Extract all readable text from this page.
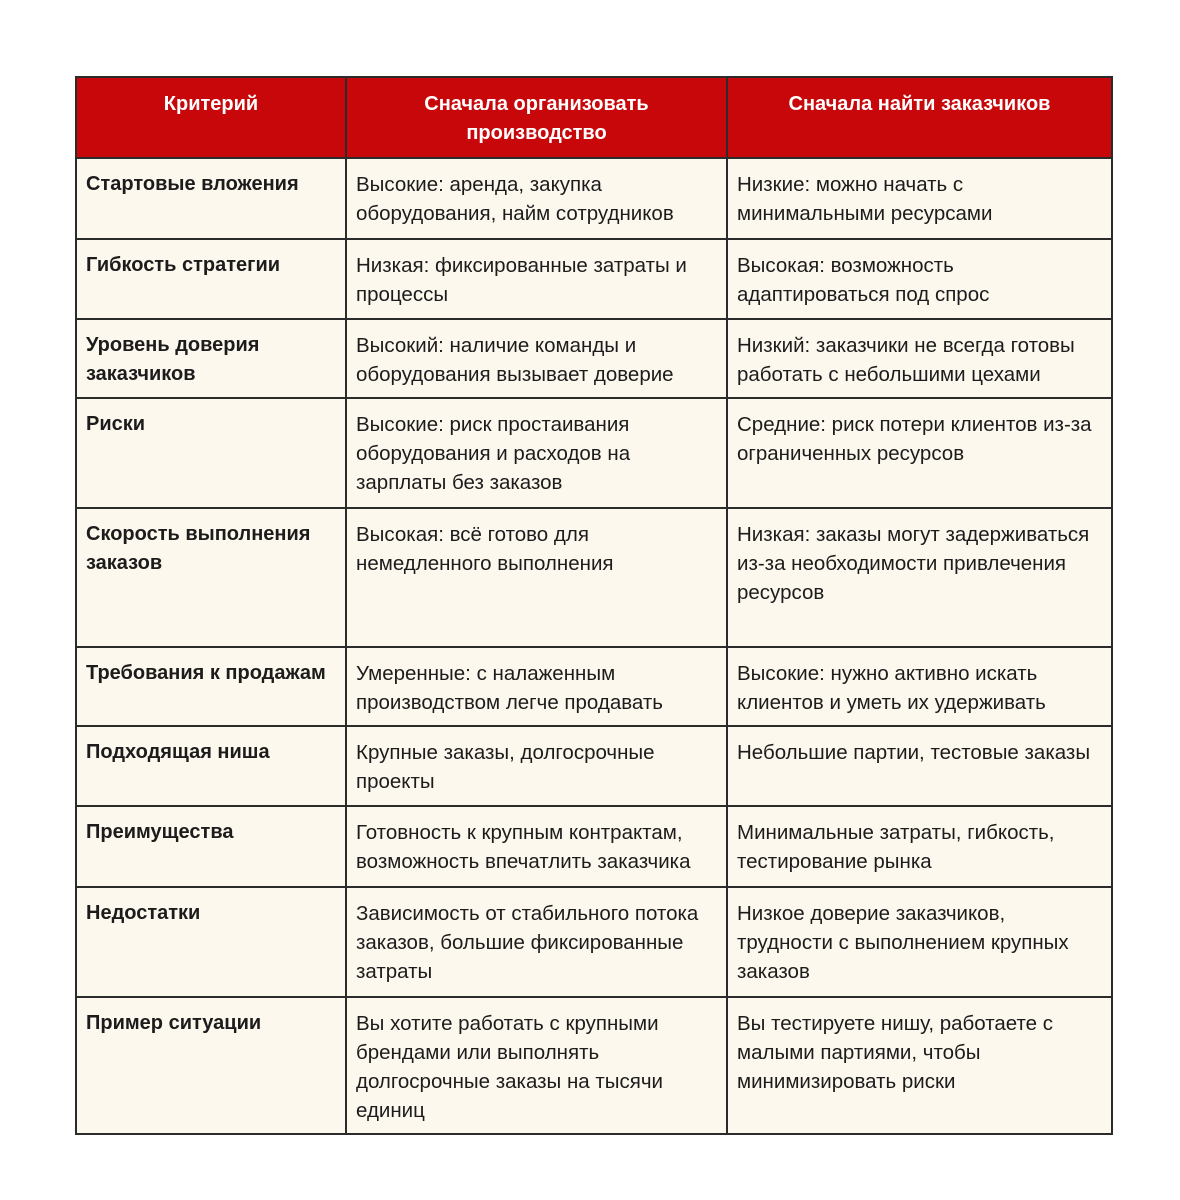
Критерий	Сначала организовать производство	Сначала найти заказчиков
Стартовые вложения	Высокие: аренда, закупка оборудования, найм сотрудников	Низкие: можно начать с минимальными ресурсами
Гибкость стратегии	Низкая: фиксированные затраты и процессы	Высокая: возможность адаптироваться под спрос
Уровень доверия заказчиков	Высокий: наличие команды и оборудования вызывает доверие	Низкий: заказчики не всегда готовы работать с небольшими цехами
Риски	Высокие: риск простаивания оборудования и расходов на зарплаты без заказов	Средние: риск потери клиентов из-за ограниченных ресурсов
Скорость выполнения заказов	Высокая: всё готово для немедленного выполнения	Низкая: заказы могут задерживаться из-за необходимости привлечения ресурсов
Требования к продажам	Умеренные: с налаженным производством легче продавать	Высокие: нужно активно искать клиентов и уметь их удерживать
Подходящая ниша	Крупные заказы, долгосрочные проекты	Небольшие партии, тестовые заказы
Преимущества	Готовность к крупным контрактам, возможность впечатлить заказчика	Минимальные затраты, гибкость, тестирование рынка
Недостатки	Зависимость от стабильного потока заказов, большие фиксированные затраты	Низкое доверие заказчиков, трудности с выполнением крупных заказов
Пример ситуации	Вы хотите работать с крупными брендами или выполнять долгосрочные заказы на тысячи единиц	Вы тестируете нишу, работаете с малыми партиями, чтобы минимизировать риски
